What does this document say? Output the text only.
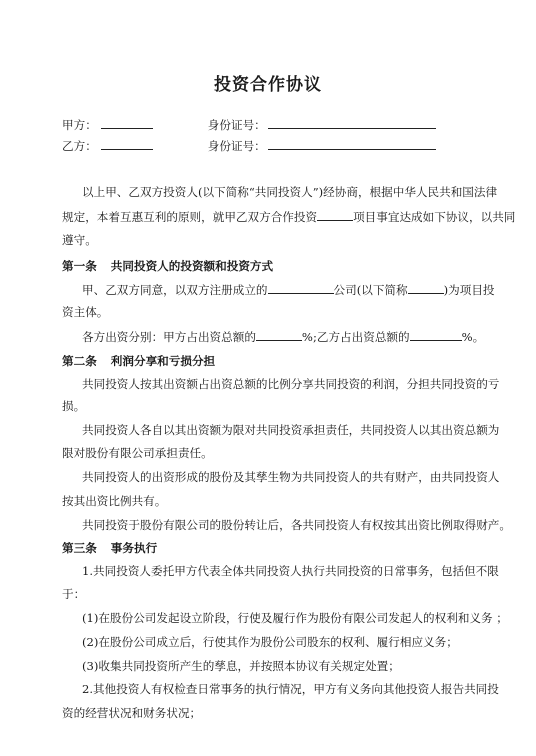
投资合作协议
甲方：	身份证号：
乙方：	身份证号：
以上甲、乙双方投资人(以下简称“共同投资人”)经协商，根据中华人民共和国法律
规定，本着互惠互利的原则，就甲乙双方合作投资	项目事宜达成如下协议，以共同
遵守。
第一条 共同投资人的投资额和投资方式
甲、乙双方同意，以双方注册成立的	公司(以下简称	)为项目投
资主体。
各方出资分别：甲方占出资总额的	%;乙方占出资总额的	%。
第二条 利润分享和亏损分担
共同投资人按其出资额占出资总额的比例分享共同投资的利润，分担共同投资的亏
损。
共同投资人各自以其出资额为限对共同投资承担责任，共同投资人以其出资总额为
限对股份有限公司承担责任。
共同投资人的出资形成的股份及其孳生物为共同投资人的共有财产，由共同投资人
按其出资比例共有。
共同投资于股份有限公司的股份转让后，各共同投资人有权按其出资比例取得财产。
第三条 事务执行
1.共同投资人委托甲方代表全体共同投资人执行共同投资的日常事务，包括但不限
于：
(1)在股份公司发起设立阶段，行使及履行作为股份有限公司发起人的权利和义务 ；
(2)在股份公司成立后，行使其作为股份公司股东的权利、履行相应义务；
(3)收集共同投资所产生的孳息，并按照本协议有关规定处置；
2.其他投资人有权检查日常事务的执行情况，甲方有义务向其他投资人报告共同投
资的经营状况和财务状况；
